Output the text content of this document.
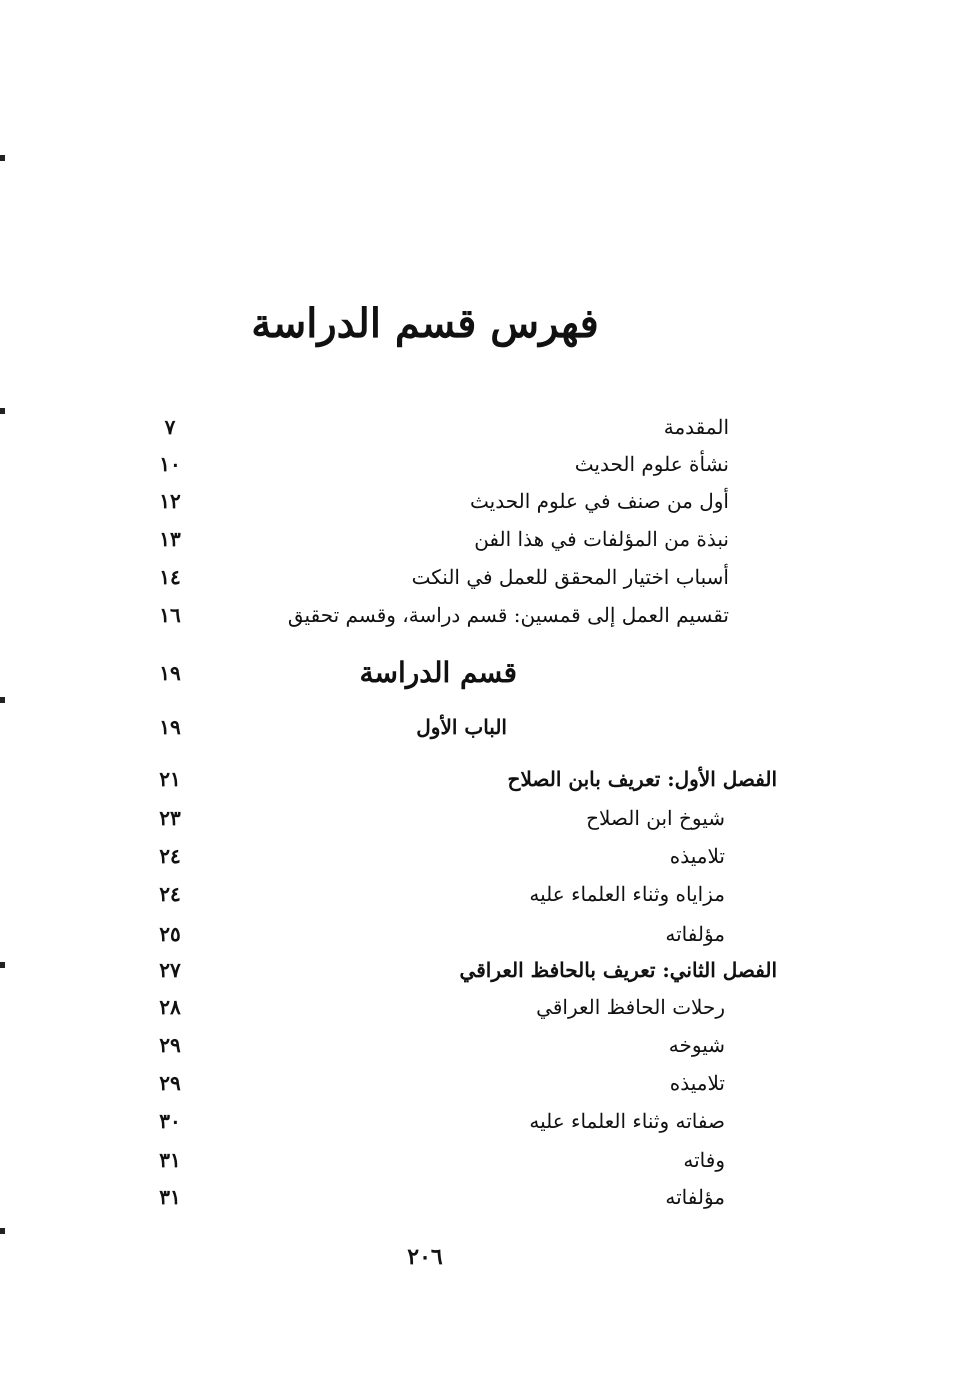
فهرس قسم الدراسة
المقدمة
٧
نشأة علوم الحديث
١٠
أول من صنف في علوم الحديث
١٢
نبذة من المؤلفات في هذا الفن
١٣
أسباب اختيار المحقق للعمل في النكت
١٤
تقسيم العمل إلى قمسين: قسم دراسة، وقسم تحقيق
١٦
قسم الدراسة
١٩
الباب الأول
١٩
الفصل الأول: تعريف بابن الصلاح
٢١
شيوخ ابن الصلاح
٢٣
تلاميذه
٢٤
مزاياه وثناء العلماء عليه
٢٤
مؤلفاته
٢٥
الفصل الثاني: تعريف بالحافظ العراقي
٢٧
رحلات الحافظ العراقي
٢٨
شيوخه
٢٩
تلاميذه
٢٩
صفاته وثناء العلماء عليه
٣٠
وفاته
٣١
مؤلفاته
٣١
٢٠٦
